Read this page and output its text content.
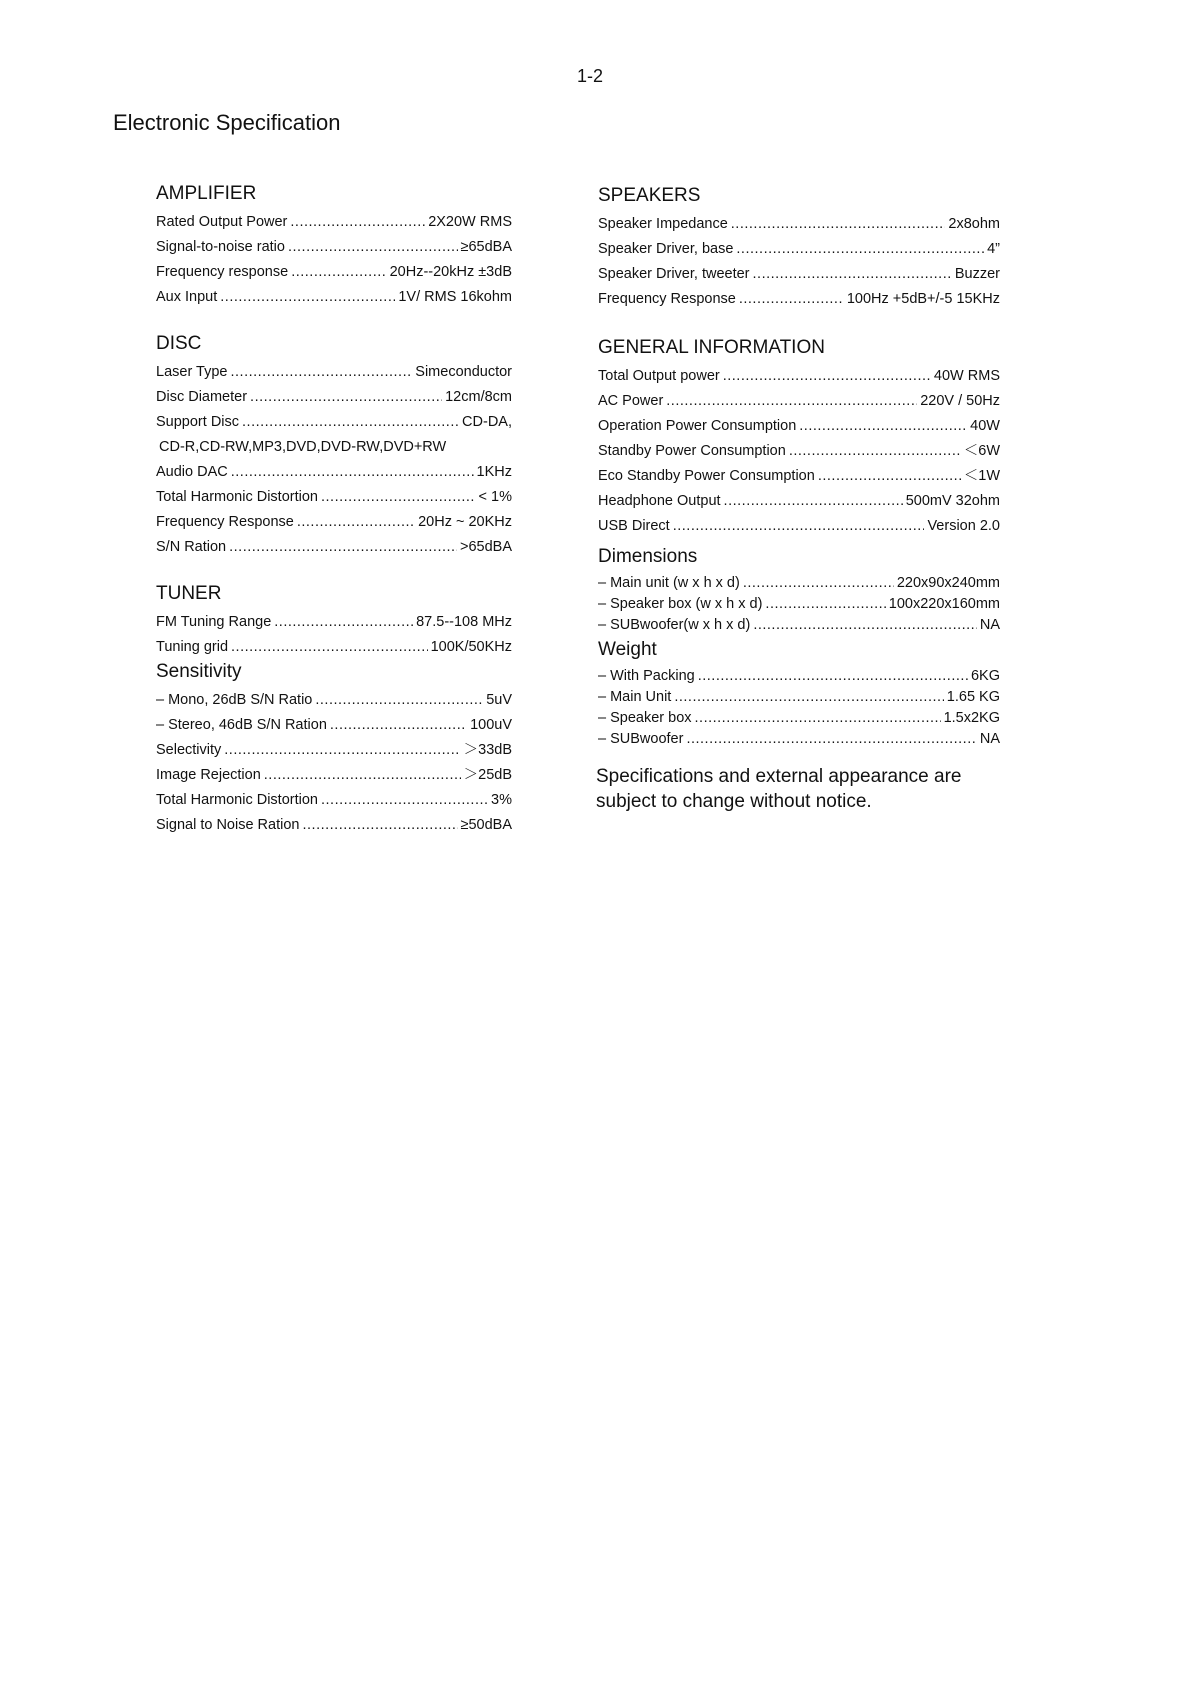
1-2
Electronic Specification
AMPLIFIER
Rated Output Power .....	2X20W RMS
Signal-to-noise ratio .....	≥65dBA
Frequency response .....	20Hz--20kHz ±3dB
Aux Input .....	1V/ RMS 16kohm
DISC
Laser Type .....	Simeconductor
Disc Diameter .....	12cm/8cm
Support Disc .....	CD-DA,
CD-R,CD-RW,MP3,DVD,DVD-RW,DVD+RW
Audio DAC .....	1KHz
Total Harmonic Distortion .....	< 1%
Frequency Response .....	20Hz ~ 20KHz
S/N Ration .....	>65dBA
TUNER
FM Tuning Range .....	87.5--108 MHz
Tuning grid .....	100K/50KHz
Sensitivity
– Mono, 26dB S/N Ratio .....	5uV
– Stereo, 46dB S/N Ration .....	100uV
Selectivity .....	＞33dB
Image Rejection .....	＞25dB
Total Harmonic Distortion .....	3%
Signal to Noise Ration .....	≥50dBA
SPEAKERS
Speaker Impedance .....	2x8ohm
Speaker Driver, base .....	4”
Speaker Driver, tweeter .....	Buzzer
Frequency Response .....	100Hz +5dB+/-5 15KHz
GENERAL INFORMATION
Total Output power .....	40W RMS
AC Power .....	220V / 50Hz
Operation Power Consumption .....	40W
Standby Power Consumption .....	＜6W
Eco Standby Power Consumption .....	＜1W
Headphone Output .....	500mV 32ohm
USB Direct .....	Version 2.0
Dimensions
– Main unit (w x h x d) .....	220x90x240mm
– Speaker box (w x h x d) .....	100x220x160mm
– SUBwoofer(w x h x d) .....	NA
Weight
– With Packing .....	6KG
– Main Unit .....	1.65 KG
– Speaker box .....	1.5x2KG
– SUBwoofer .....	NA
Specifications and external appearance are
subject to change without notice.
